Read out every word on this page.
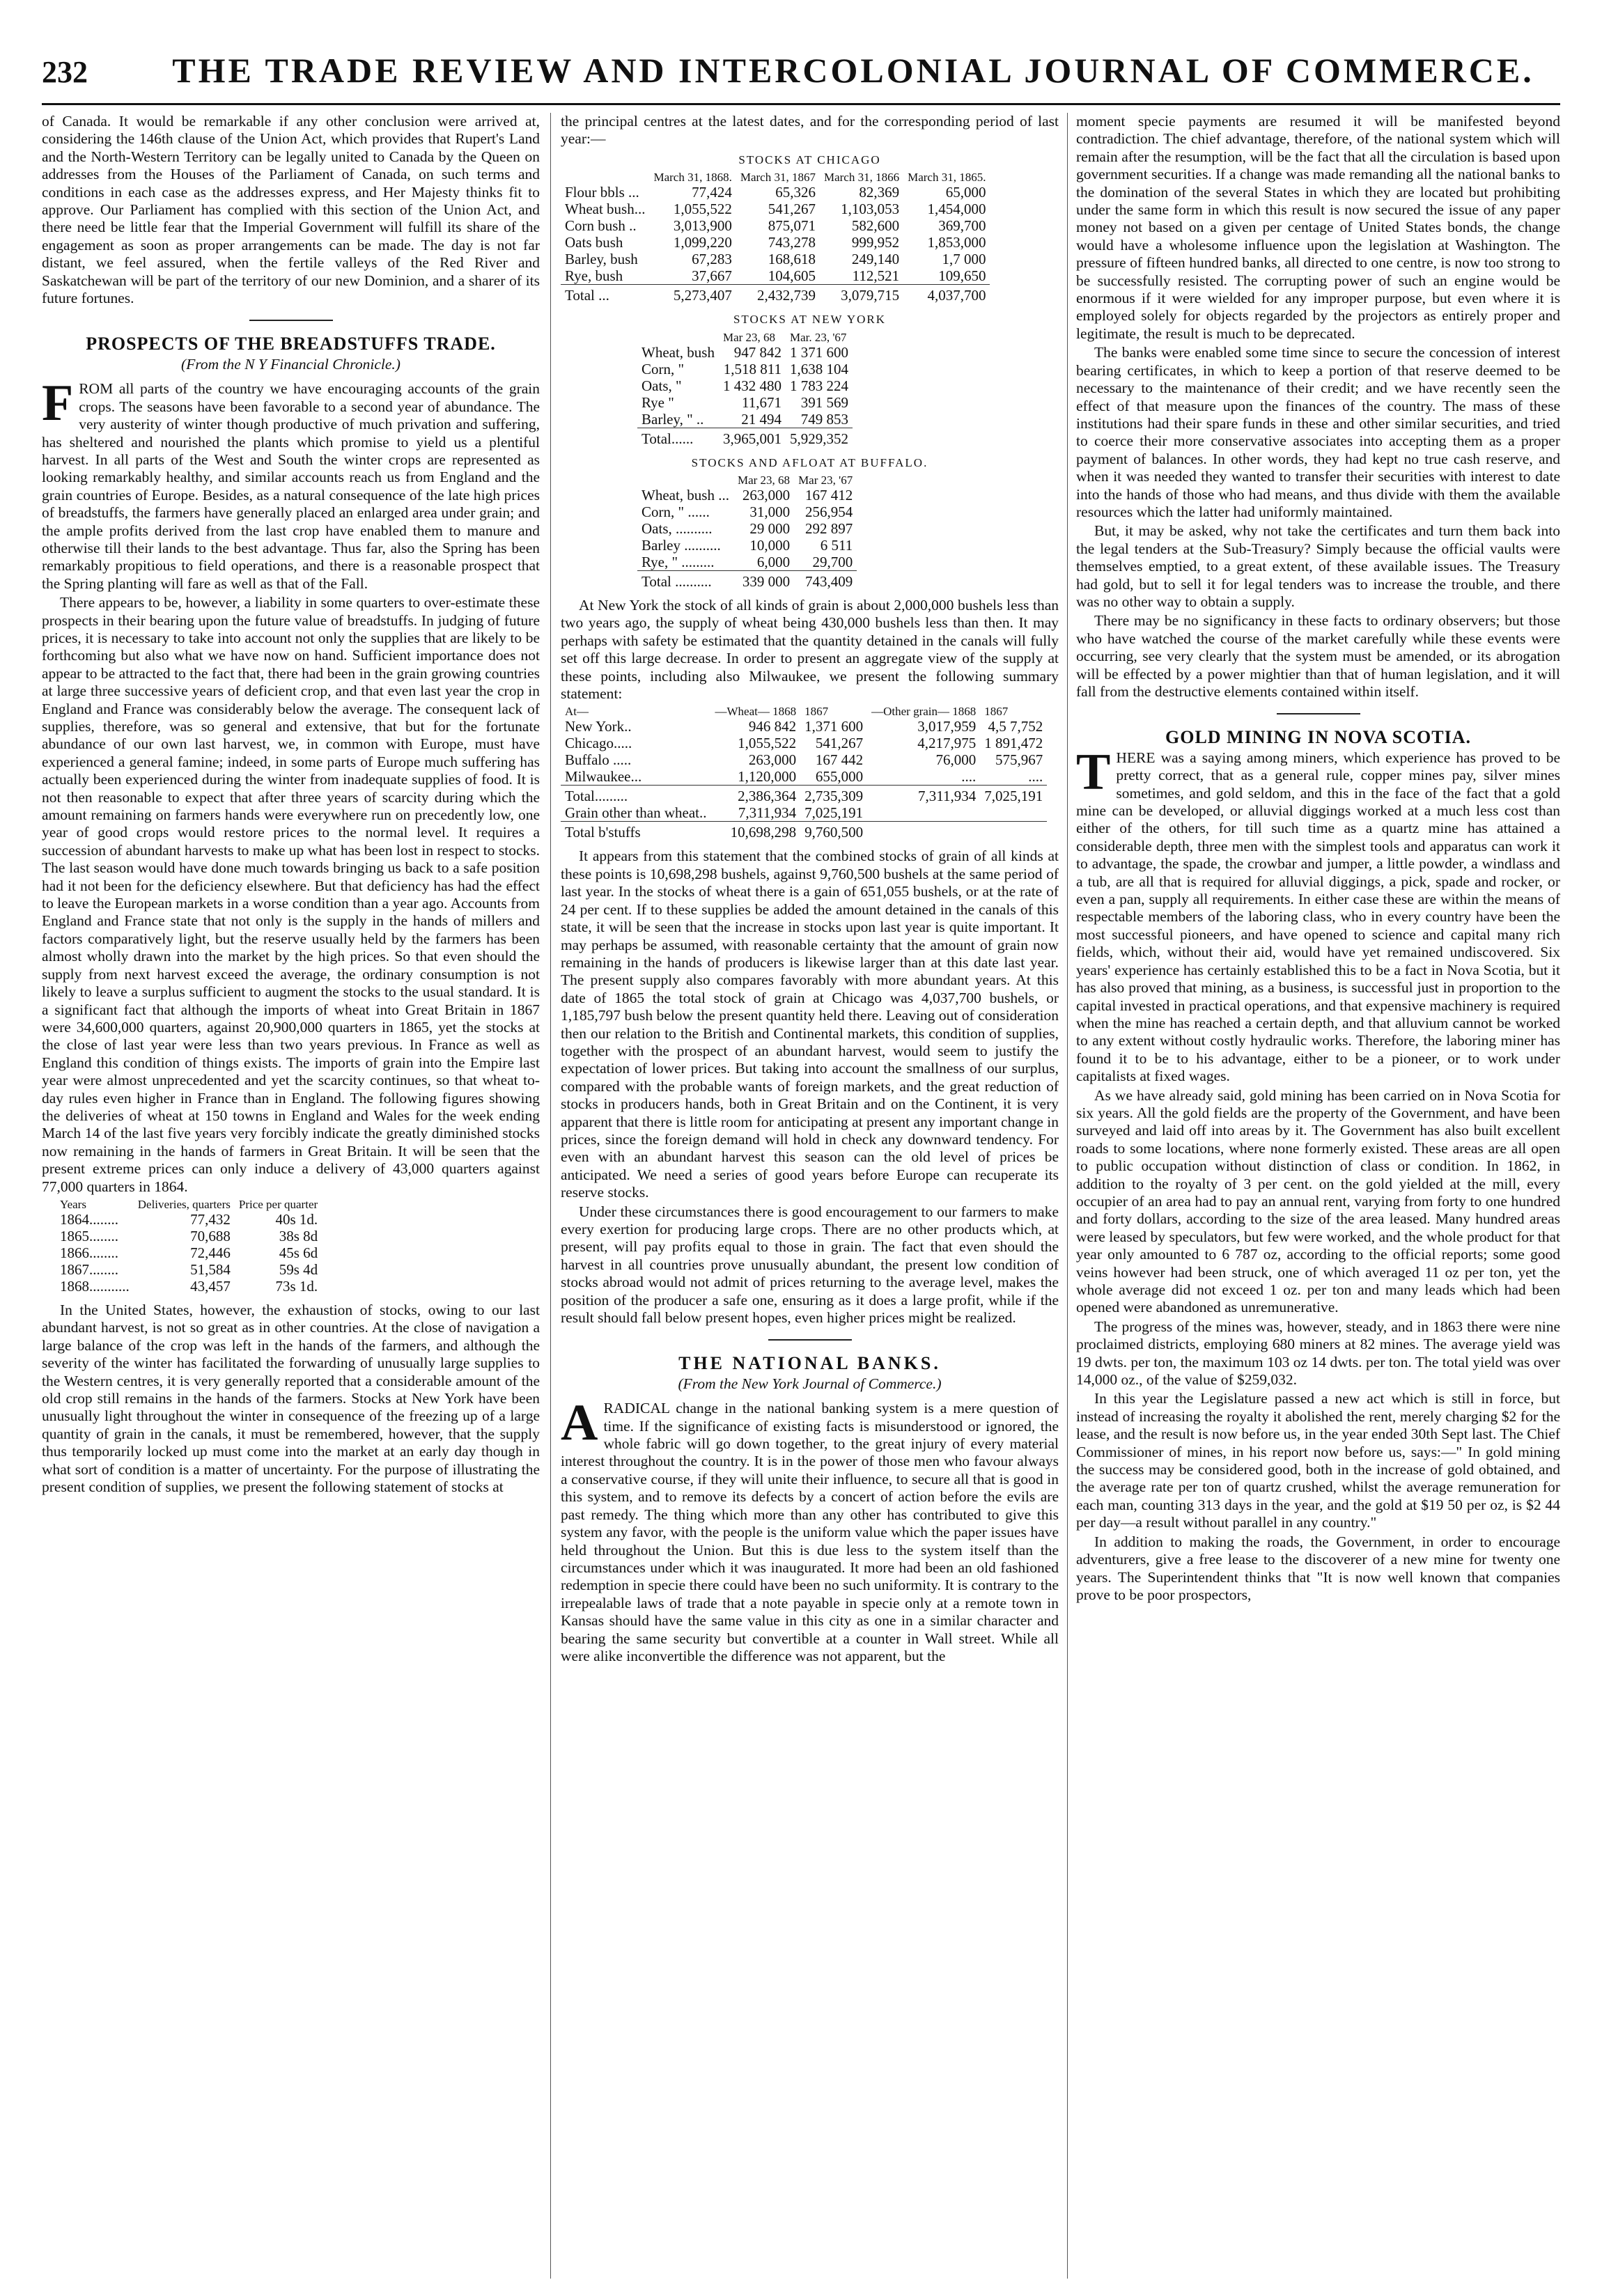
232	THE TRADE REVIEW AND INTERCOLONIAL JOURNAL OF COMMERCE.

of Canada. It would be remarkable if any other conclusion were arrived at, considering the 146th clause of the Union Act, which provides that Rupert's Land and the North-Western Territory can be legally united to Canada by the Queen on addresses from the Houses of the Parliament of Canada, on such terms and conditions in each case as the addresses express, and Her Majesty thinks fit to approve. Our Parliament has complied with this section of the Union Act, and there need be little fear that the Imperial Government will fulfill its share of the engagement as soon as proper arrangements can be made. The day is not far distant, we feel assured, when the fertile valleys of the Red River and Saskatchewan will be part of the territory of our new Dominion, and a sharer of its future fortunes.

PROSPECTS OF THE BREADSTUFFS TRADE.
(From the N Y Financial Chronicle.)

FROM all parts of the country we have encouraging accounts of the grain crops. The seasons have been favorable to a second year of abundance. The very austerity of winter though productive of much privation and suffering, has sheltered and nourished the plants which promise to yield us a plentiful harvest. In all parts of the West and South the winter crops are represented as looking remarkably healthy, and similar accounts reach us from England and the grain countries of Europe. Besides, as a natural consequence of the late high prices of breadstuffs, the farmers have generally placed an enlarged area under grain; and the ample profits derived from the last crop have enabled them to manure and otherwise till their lands to the best advantage. Thus far, also the Spring has been remarkably propitious to field operations, and there is a reasonable prospect that the Spring planting will fare as well as that of the Fall.

There appears to be, however, a liability in some quarters to over-estimate these prospects in their bearing upon the future value of breadstuffs. In judging of future prices, it is necessary to take into account not only the supplies that are likely to be forthcoming but also what we have now on hand. Sufficient importance does not appear to be attracted to the fact that, there had been in the grain growing countries at large three successive years of deficient crop, and that even last year the crop in England and France was considerably below the average. The consequent lack of supplies, therefore, was so general and extensive, that but for the fortunate abundance of our own last harvest, we, in common with Europe, must have experienced a general famine; indeed, in some parts of Europe much suffering has actually been experienced during the winter from inadequate supplies of food. It is not then reasonable to expect that after three years of scarcity during which the amount remaining on farmers hands were everywhere run on precedently low, one year of good crops would restore prices to the normal level. It requires a succession of abundant harvests to make up what has been lost in respect to stocks. The last season would have done much towards bringing us back to a safe position had it not been for the deficiency elsewhere. But that deficiency has had the effect to leave the European markets in a worse condition than a year ago. Accounts from England and France state that not only is the supply in the hands of millers and factors comparatively light, but the reserve usually held by the farmers has been almost wholly drawn into the market by the high prices. So that even should the supply from next harvest exceed the average, the ordinary consumption is not likely to leave a surplus sufficient to augment the stocks to the usual standard. It is a significant fact that although the imports of wheat into Great Britain in 1867 were 34,600,000 quarters, against 20,900,000 quarters in 1865, yet the stocks at the close of last year were less than two years previous. In France as well as England this condition of things exists. The imports of grain into the Empire last year were almost unprecedented and yet the scarcity continues, so that wheat to-day rules even higher in France than in England. The following figures showing the deliveries of wheat at 150 towns in England and Wales for the week ending March 14 of the last five years very forcibly indicate the greatly diminished stocks now remaining in the hands of farmers in Great Britain. It will be seen that the present extreme prices can only induce a delivery of 43,000 quarters against 77,000 quarters in 1864.

Years	Deliveries, quarters	Price per quarter
1864........	77,432	40s 1d.
1865........	70,688	38s 8d
1866........	72,446	45s 6d
1867........	51,584	59s 4d
1868...........	43,457	73s 1d.

In the United States, however, the exhaustion of stocks, owing to our last abundant harvest, is not so great as in other countries. At the close of navigation a large balance of the crop was left in the hands of the farmers, and although the severity of the winter has facilitated the forwarding of unusually large supplies to the Western centres, it is very generally reported that a considerable amount of the old crop still remains in the hands of the farmers. Stocks at New York have been unusually light throughout the winter in consequence of the freezing up of a large quantity of grain in the canals, it must be remembered, however, that the supply thus temporarily locked up must come into the market at an early day though in what sort of condition is a matter of uncertainty. For the purpose of illustrating the present condition of supplies, we present the following statement of stocks at

the principal centres at the latest dates, and for the corresponding period of last year:—

STOCKS AT CHICAGO
	March 31, 1868.	March 31, 1867	March 31, 1866	March 31, 1865.
Flour bbls ...	77,424	65,326	82,369	65,000
Wheat bush...	1,055,522	541,267	1,103,053	1,454,000
Corn bush ..	3,013,900	875,071	582,600	369,700
Oats bush	1,099,220	743,278	999,952	1,853,000
Barley, bush	67,283	168,618	249,140	1,7 000
Rye, bush	37,667	104,605	112,521	109,650
Total ...	5,273,407	2,432,739	3,079,715	4,037,700
STOCKS AT NEW YORK
	Mar 23, 68	Mar. 23, '67
Wheat, bush	947 842	1 371 600
Corn, "	1,518 811	1,638 104
Oats, "	1 432 480	1 783 224
Rye "	11,671	391 569
Barley, " ..	21 494	749 853
Total......	3,965,001	5,929,352
STOCKS AND AFLOAT AT BUFFALO.
	Mar 23, 68	Mar 23, '67
Wheat, bush ...	263,000	167 412
Corn, " ......	31,000	256,954
Oats, ..........	29 000	292 897
Barley ..........	10,000	6 511
Rye, " .........	6,000	29,700
Total ..........	339 000	743,409

At New York the stock of all kinds of grain is about 2,000,000 bushels less than two years ago, the supply of wheat being 430,000 bushels less than then. It may perhaps with safety be estimated that the quantity detained in the canals will fully set off this large decrease. In order to present an aggregate view of the supply at these points, including also Milwaukee, we present the following summary statement:

At—	—Wheat— 1868	1867	—Other grain— 1868	1867
New York..	946 842	1,371 600	3,017,959	4,5 7,752
Chicago.....	1,055,522	541,267	4,217,975	1 891,472
Buffalo .....	263,000	167 442	76,000	575,967
Milwaukee...	1,120,000	655,000	....	....
Total.........	2,386,364	2,735,309	7,311,934	7,025,191
Grain other than wheat..	7,311,934	7,025,191		
Total b'stuffs	10,698,298	9,760,500		

It appears from this statement that the combined stocks of grain of all kinds at these points is 10,698,298 bushels, against 9,760,500 bushels at the same period of last year. In the stocks of wheat there is a gain of 651,055 bushels, or at the rate of 24 per cent. If to these supplies be added the amount detained in the canals of this state, it will be seen that the increase in stocks upon last year is quite important. It may perhaps be assumed, with reasonable certainty that the amount of grain now remaining in the hands of producers is likewise larger than at this date last year. The present supply also compares favorably with more abundant years. At this date of 1865 the total stock of grain at Chicago was 4,037,700 bushels, or 1,185,797 bush below the present quantity held there. Leaving out of consideration then our relation to the British and Continental markets, this condition of supplies, together with the prospect of an abundant harvest, would seem to justify the expectation of lower prices. But taking into account the smallness of our surplus, compared with the probable wants of foreign markets, and the great reduction of stocks in producers hands, both in Great Britain and on the Continent, it is very apparent that there is little room for anticipating at present any important change in prices, since the foreign demand will hold in check any downward tendency. For even with an abundant harvest this season can the old level of prices be anticipated. We need a series of good years before Europe can recuperate its reserve stocks.

Under these circumstances there is good encouragement to our farmers to make every exertion for producing large crops. There are no other products which, at present, will pay profits equal to those in grain. The fact that even should the harvest in all countries prove unusually abundant, the present low condition of stocks abroad would not admit of prices returning to the average level, makes the position of the producer a safe one, ensuring as it does a large profit, while if the result should fall below present hopes, even higher prices might be realized.

THE NATIONAL BANKS.
(From the New York Journal of Commerce.)

ARADICAL change in the national banking system is a mere question of time. If the significance of existing facts is misunderstood or ignored, the whole fabric will go down together, to the great injury of every material interest throughout the country. It is in the power of those men who favour always a conservative course, if they will unite their influence, to secure all that is good in this system, and to remove its defects by a concert of action before the evils are past remedy. The thing which more than any other has contributed to give this system any favor, with the people is the uniform value which the paper issues have held throughout the Union. But this is due less to the system itself than the circumstances under which it was inaugurated. It more had been an old fashioned redemption in specie there could have been no such uniformity. It is contrary to the irrepealable laws of trade that a note payable in specie only at a remote town in Kansas should have the same value in this city as one in a similar character and bearing the same security but convertible at a counter in Wall street. While all were alike inconvertible the difference was not apparent, but the

moment specie payments are resumed it will be manifested beyond contradiction. The chief advantage, therefore, of the national system which will remain after the resumption, will be the fact that all the circulation is based upon government securities. If a change was made remanding all the national banks to the domination of the several States in which they are located but prohibiting under the same form in which this result is now secured the issue of any paper money not based on a given per centage of United States bonds, the change would have a wholesome influence upon the legislation at Washington. The pressure of fifteen hundred banks, all directed to one centre, is now too strong to be successfully resisted. The corrupting power of such an engine would be enormous if it were wielded for any improper purpose, but even where it is employed solely for objects regarded by the projectors as entirely proper and legitimate, the result is much to be deprecated.

The banks were enabled some time since to secure the concession of interest bearing certificates, in which to keep a portion of that reserve deemed to be necessary to the maintenance of their credit; and we have recently seen the effect of that measure upon the finances of the country. The mass of these institutions had their spare funds in these and other similar securities, and tried to coerce their more conservative associates into accepting them as a proper payment of balances. In other words, they had kept no true cash reserve, and when it was needed they wanted to transfer their securities with interest to date into the hands of those who had means, and thus divide with them the available resources which the latter had uniformly maintained.

But, it may be asked, why not take the certificates and turn them back into the legal tenders at the Sub-Treasury? Simply because the official vaults were themselves emptied, to a great extent, of these available issues. The Treasury had gold, but to sell it for legal tenders was to increase the trouble, and there was no other way to obtain a supply.

There may be no significancy in these facts to ordinary observers; but those who have watched the course of the market carefully while these events were occurring, see very clearly that the system must be amended, or its abrogation will be effected by a power mightier than that of human legislation, and it will fall from the destructive elements contained within itself.

GOLD MINING IN NOVA SCOTIA.

THERE was a saying among miners, which experience has proved to be pretty correct, that as a general rule, copper mines pay, silver mines sometimes, and gold seldom, and this in the face of the fact that a gold mine can be developed, or alluvial diggings worked at a much less cost than either of the others, for till such time as a quartz mine has attained a considerable depth, three men with the simplest tools and apparatus can work it to advantage, the spade, the crowbar and jumper, a little powder, a windlass and a tub, are all that is required for alluvial diggings, a pick, spade and rocker, or even a pan, supply all requirements. In either case these are within the means of respectable members of the laboring class, who in every country have been the most successful pioneers, and have opened to science and capital many rich fields, which, without their aid, would have yet remained undiscovered. Six years' experience has certainly established this to be a fact in Nova Scotia, but it has also proved that mining, as a business, is successful just in proportion to the capital invested in practical operations, and that expensive machinery is required when the mine has reached a certain depth, and that alluvium cannot be worked to any extent without costly hydraulic works. Therefore, the laboring miner has found it to be to his advantage, either to be a pioneer, or to work under capitalists at fixed wages.

As we have already said, gold mining has been carried on in Nova Scotia for six years. All the gold fields are the property of the Government, and have been surveyed and laid off into areas by it. The Government has also built excellent roads to some locations, where none formerly existed. These areas are all open to public occupation without distinction of class or condition. In 1862, in addition to the royalty of 3 per cent. on the gold yielded at the mill, every occupier of an area had to pay an annual rent, varying from forty to one hundred and forty dollars, according to the size of the area leased. Many hundred areas were leased by speculators, but few were worked, and the whole product for that year only amounted to 6 787 oz, according to the official reports; some good veins however had been struck, one of which averaged 11 oz per ton, yet the whole average did not exceed 1 oz. per ton and many leads which had been opened were abandoned as unremunerative.

The progress of the mines was, however, steady, and in 1863 there were nine proclaimed districts, employing 680 miners at 82 mines. The average yield was 19 dwts. per ton, the maximum 103 oz 14 dwts. per ton. The total yield was over 14,000 oz., of the value of $259,032.

In this year the Legislature passed a new act which is still in force, but instead of increasing the royalty it abolished the rent, merely charging $2 for the lease, and the result is now before us, in the year ended 30th Sept last. The Chief Commissioner of mines, in his report now before us, says:—" In gold mining the success may be considered good, both in the increase of gold obtained, and the average rate per ton of quartz crushed, whilst the average remuneration for each man, counting 313 days in the year, and the gold at $19 50 per oz, is $2 44 per day—a result without parallel in any country."

In addition to making the roads, the Government, in order to encourage adventurers, give a free lease to the discoverer of a new mine for twenty one years. The Superintendent thinks that "It is now well known that companies prove to be poor prospectors,
